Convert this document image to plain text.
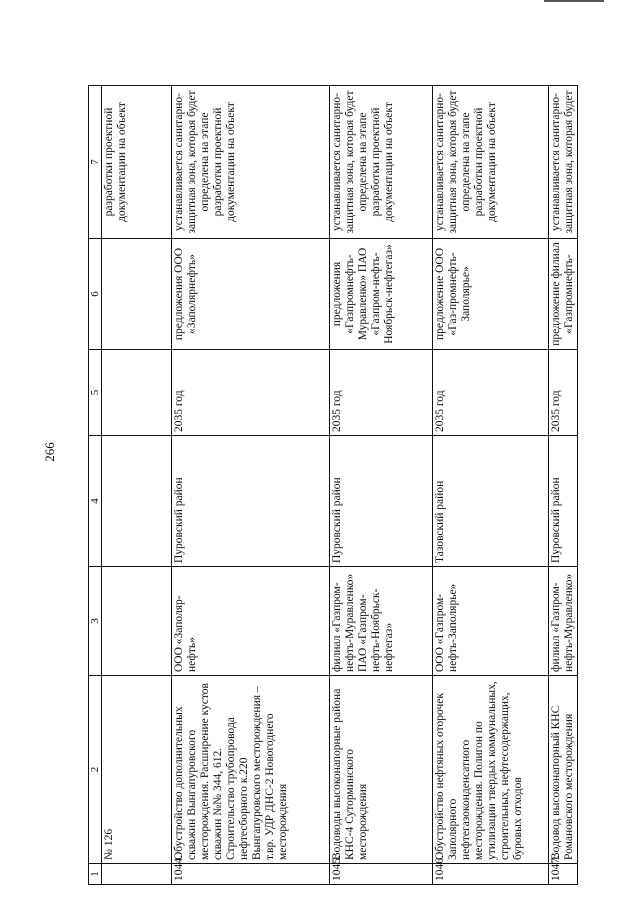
266
1	2	3	4	5	6	7
	№ 126					разработки проектной документации на объект
1044.	Обустройство дополнительных скважин Вынгапуровского месторождения. Расширение кустов скважин №№ 344, 612. Строительство трубопровода нефтесборного к.220 Вынгапуровского месторождения – т.вр. УДР ДНС-2 Новогоднего месторождения	ООО «Заполяр-нефть»	Пуровский район	2035 год	предложения ООО «Заполярнефть»	устанавливается санитарно-защитная зона, которая будет определена на этапе разработки проектной документации на объект
1045.	Водоводы высоконапорные района КНС-4 Суторминского месторождения	филиал «Газпром-нефть-Муравленко» ПАО «Газпром-нефть-Ноябрьск-нефтегаз»	Пуровский район	2035 год	предложения «Газпромнефть-Муравленко» ПАО «Газпром-нефть-Ноябрьск-нефтегаз»	устанавливается санитарно-защитная зона, которая будет определена на этапе разработки проектной документации на объект
1046.	Обустройство нефтяных оторочек Заполярного нефтегазоконденсатного месторождения. Полигон по утилизации твердых коммунальных, строительных, нефтесодержащих, буровых отходов	ООО «Газпром-нефть-Заполярье»	Тазовский район	2035 год	предложение ООО «Газ-промнефть-Заполярье»	устанавливается санитарно-защитная зона, которая будет определена на этапе разработки проектной документации на объект
1047.	Водовод высоконапорный КНС Романовского месторождения	филиал «Газпром-нефть-Муравленко»	Пуровский район	2035 год	предложение филиал «Газпромнефть-	устанавливается санитарно-защитная зона, которая будет
